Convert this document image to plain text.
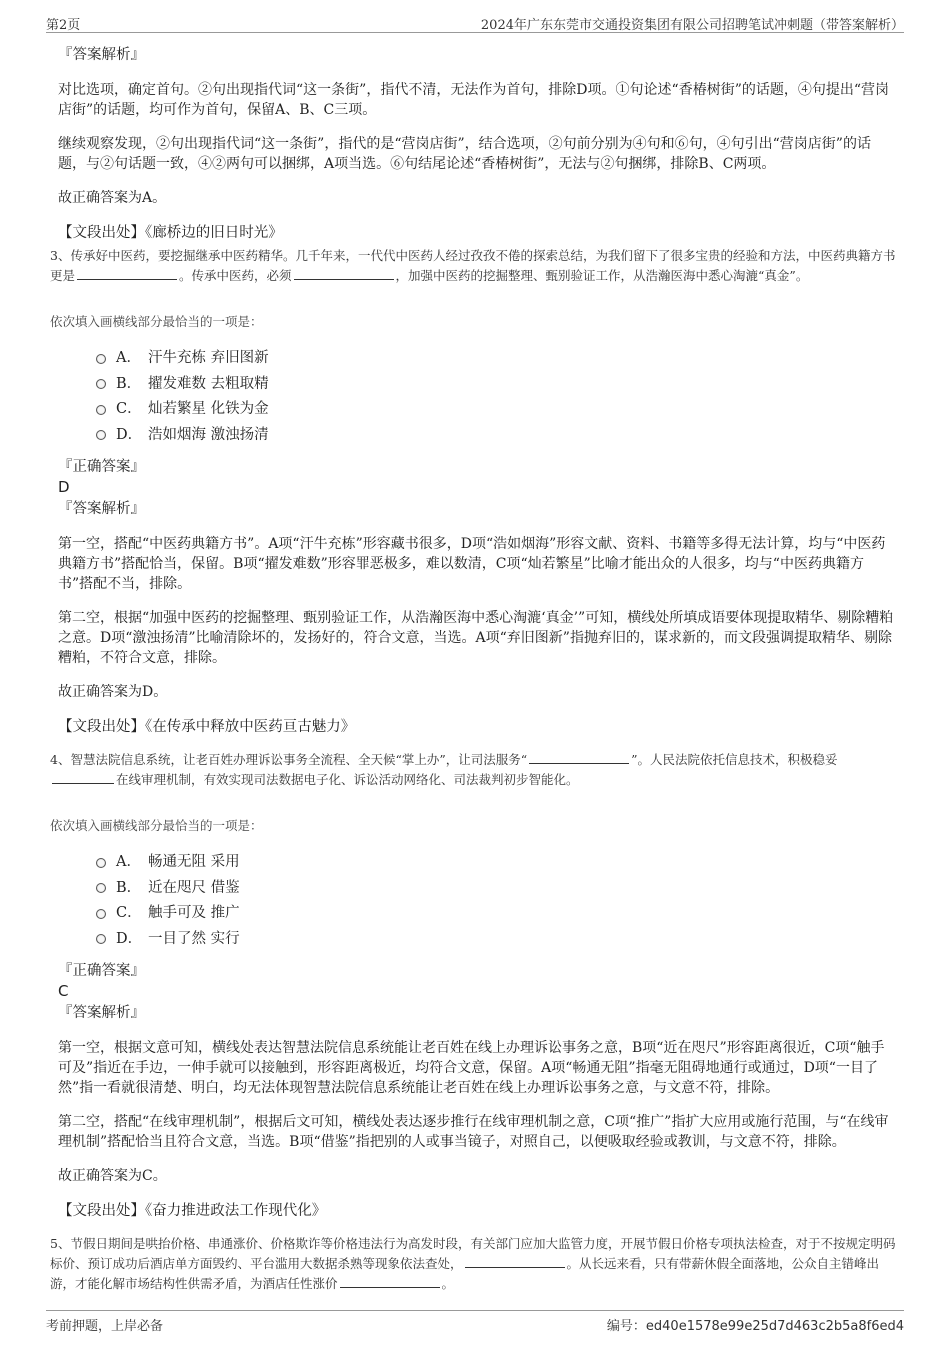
第2页	2024年广东东莞市交通投资集团有限公司招聘笔试冲刺题（带答案解析）

『答案解析』

对比选项，确定首句。②句出现指代词“这一条街”，指代不清，无法作为首句，排除D项。①句论述“香椿树街”的话题，④句提出“营岗店街”的话题，均可作为首句，保留A、B、C三项。

继续观察发现，②句出现指代词“这一条街”，指代的是“营岗店街”，结合选项，②句前分别为④句和⑥句，④句引出“营岗店街”的话题，与②句话题一致，④②两句可以捆绑，A项当选。⑥句结尾论述“香椿树街”，无法与②句捆绑，排除B、C两项。

故正确答案为A。

【文段出处】《廊桥边的旧日时光》

3、传承好中医药，要挖掘继承中医药精华。几千年来，一代代中医药人经过孜孜不倦的探索总结，为我们留下了很多宝贵的经验和方法，中医药典籍方书更是	。传承中医药，必须	，加强中医药的挖掘整理、甄别验证工作，从浩瀚医海中悉心淘漉“真金”。

依次填入画横线部分最恰当的一项是：

A． 汗牛充栋 弃旧图新
B． 擢发难数 去粗取精
C． 灿若繁星 化铁为金
D． 浩如烟海 激浊扬清

『正确答案』

D

『答案解析』

第一空，搭配“中医药典籍方书”。A项“汗牛充栋”形容藏书很多，D项“浩如烟海”形容文献、资料、书籍等多得无法计算，均与“中医药典籍方书”搭配恰当，保留。B项“擢发难数”形容罪恶极多，难以数清，C项“灿若繁星”比喻才能出众的人很多，均与“中医药典籍方书”搭配不当，排除。

第二空，根据“加强中医药的挖掘整理、甄别验证工作，从浩瀚医海中悉心淘漉‘真金’”可知，横线处所填成语要体现提取精华、剔除糟粕之意。D项“激浊扬清”比喻清除坏的，发扬好的，符合文意，当选。A项“弃旧图新”指抛弃旧的，谋求新的，而文段强调提取精华、剔除糟粕，不符合文意，排除。

故正确答案为D。

【文段出处】《在传承中释放中医药亘古魅力》

4、智慧法院信息系统，让老百姓办理诉讼事务全流程、全天候“掌上办”，让司法服务“	”。人民法院依托信息技术，积极稳妥在线审理机制，有效实现司法数据电子化、诉讼活动网络化、司法裁判初步智能化。

依次填入画横线部分最恰当的一项是：

A． 畅通无阻 采用
B． 近在咫尺 借鉴
C． 触手可及 推广
D． 一目了然 实行

『正确答案』

C

『答案解析』

第一空，根据文意可知，横线处表达智慧法院信息系统能让老百姓在线上办理诉讼事务之意，B项“近在咫尺”形容距离很近，C项“触手可及”指近在手边，一伸手就可以接触到，形容距离极近，均符合文意，保留。A项“畅通无阻”指毫无阻碍地通行或通过，D项“一目了然”指一看就很清楚、明白，均无法体现智慧法院信息系统能让老百姓在线上办理诉讼事务之意，与文意不符，排除。

第二空，搭配“在线审理机制”，根据后文可知，横线处表达逐步推行在线审理机制之意，C项“推广”指扩大应用或施行范围，与“在线审理机制”搭配恰当且符合文意，当选。B项“借鉴”指把别的人或事当镜子，对照自己，以便吸取经验或教训，与文意不符，排除。

故正确答案为C。

【文段出处】《奋力推进政法工作现代化》

5、节假日期间是哄抬价格、串通涨价、价格欺诈等价格违法行为高发时段，有关部门应加大监管力度，开展节假日价格专项执法检查，对于不按规定明码标价、预订成功后酒店单方面毁约、平台滥用大数据杀熟等现象依法查处，	。从长远来看，只有带薪休假全面落地，公众自主错峰出游，才能化解市场结构性供需矛盾，为酒店任性涨价	。

考前押题，上岸必备	编号：ed40e1578e99e25d7d463c2b5a8f6ed4
